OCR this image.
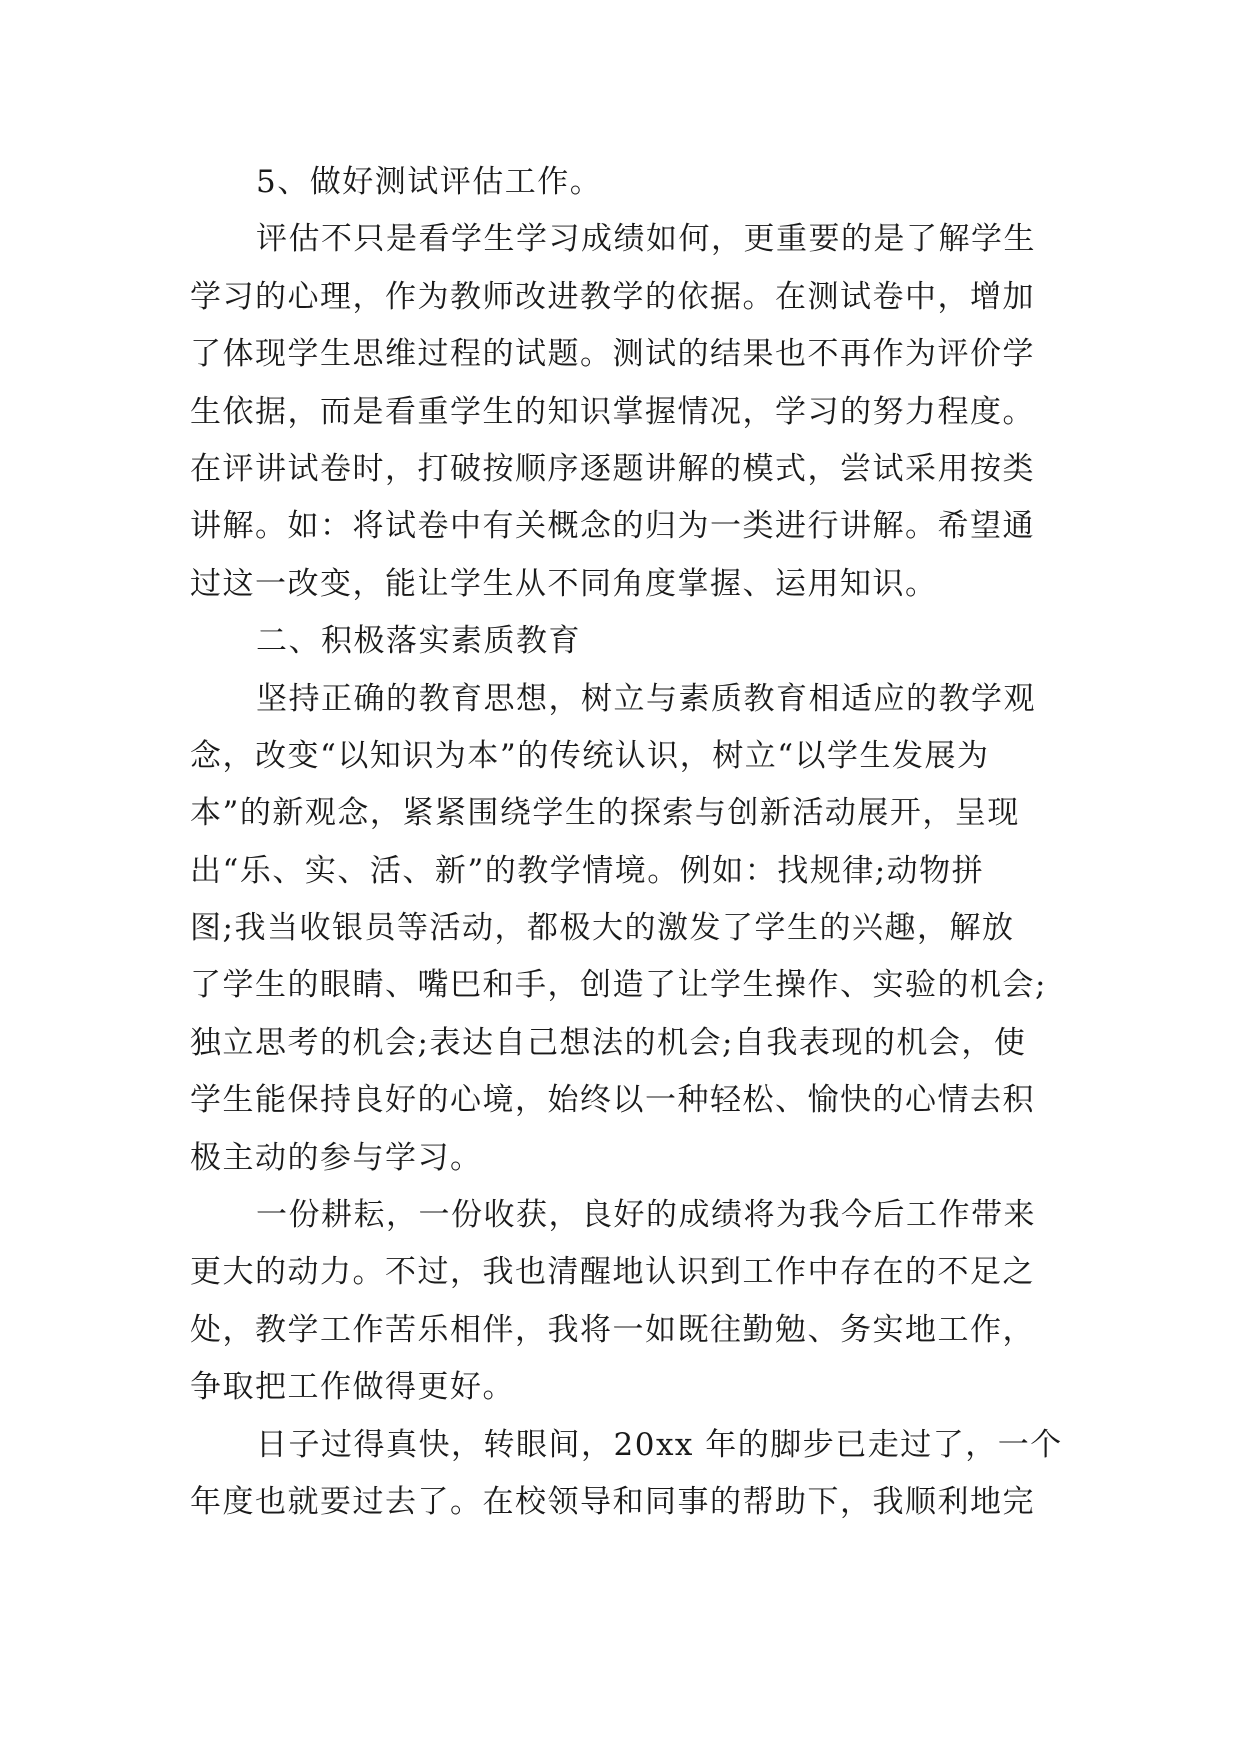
5、做好测试评估工作。
评估不只是看学生学习成绩如何，更重要的是了解学生
学习的心理，作为教师改进教学的依据。在测试卷中，增加
了体现学生思维过程的试题。测试的结果也不再作为评价学
生依据，而是看重学生的知识掌握情况，学习的努力程度。
在评讲试卷时，打破按顺序逐题讲解的模式，尝试采用按类
讲解。如：将试卷中有关概念的归为一类进行讲解。希望通
过这一改变，能让学生从不同角度掌握、运用知识。
二、积极落实素质教育
坚持正确的教育思想，树立与素质教育相适应的教学观
念，改变“以知识为本”的传统认识，树立“以学生发展为
本”的新观念，紧紧围绕学生的探索与创新活动展开，呈现
出“乐、实、活、新”的教学情境。例如：找规律;动物拼
图;我当收银员等活动，都极大的激发了学生的兴趣，解放
了学生的眼睛、嘴巴和手，创造了让学生操作、实验的机会;
独立思考的机会;表达自己想法的机会;自我表现的机会，使
学生能保持良好的心境，始终以一种轻松、愉快的心情去积
极主动的参与学习。
一份耕耘，一份收获，良好的成绩将为我今后工作带来
更大的动力。不过，我也清醒地认识到工作中存在的不足之
处，教学工作苦乐相伴，我将一如既往勤勉、务实地工作，
争取把工作做得更好。
日子过得真快，转眼间，20xx 年的脚步已走过了，一个
年度也就要过去了。在校领导和同事的帮助下，我顺利地完
